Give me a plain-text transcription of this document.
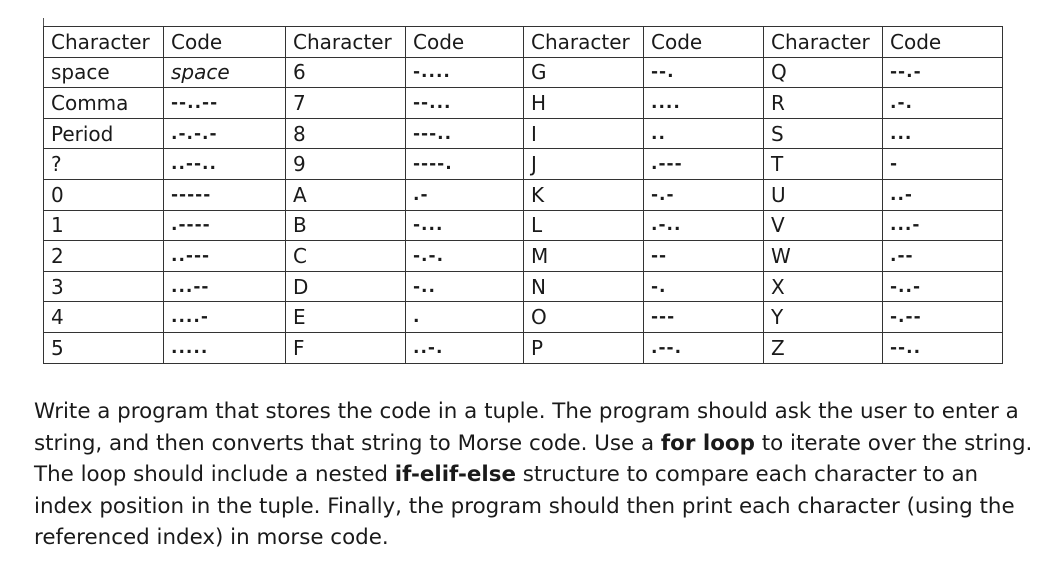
Character	Code	Character	Code	Character	Code	Character	Code
space	space	6	-....	G	--.	Q	--.-
Comma	--..--	7	--...	H	....	R	.-.
Period	.-.-.-	8	---..	I	..	S	...
?	..--..	9	----.	J	.---	T	-
0	-----	A	.-	K	-.-	U	..-
1	.----	B	-...	L	.-..	V	...-
2	..---	C	-.-.	M	--	W	.--
3	...--	D	-..	N	-.	X	-..-
4	....-	E	.	O	---	Y	-.--
5	.....	F	..-.	P	.--.	Z	--..

Write a program that stores the code in a tuple. The program should ask the user to enter a string, and then converts that string to Morse code. Use a for loop to iterate over the string. The loop should include a nested if-elif-else structure to compare each character to an index position in the tuple. Finally, the program should then print each character (using the referenced index) in morse code.
